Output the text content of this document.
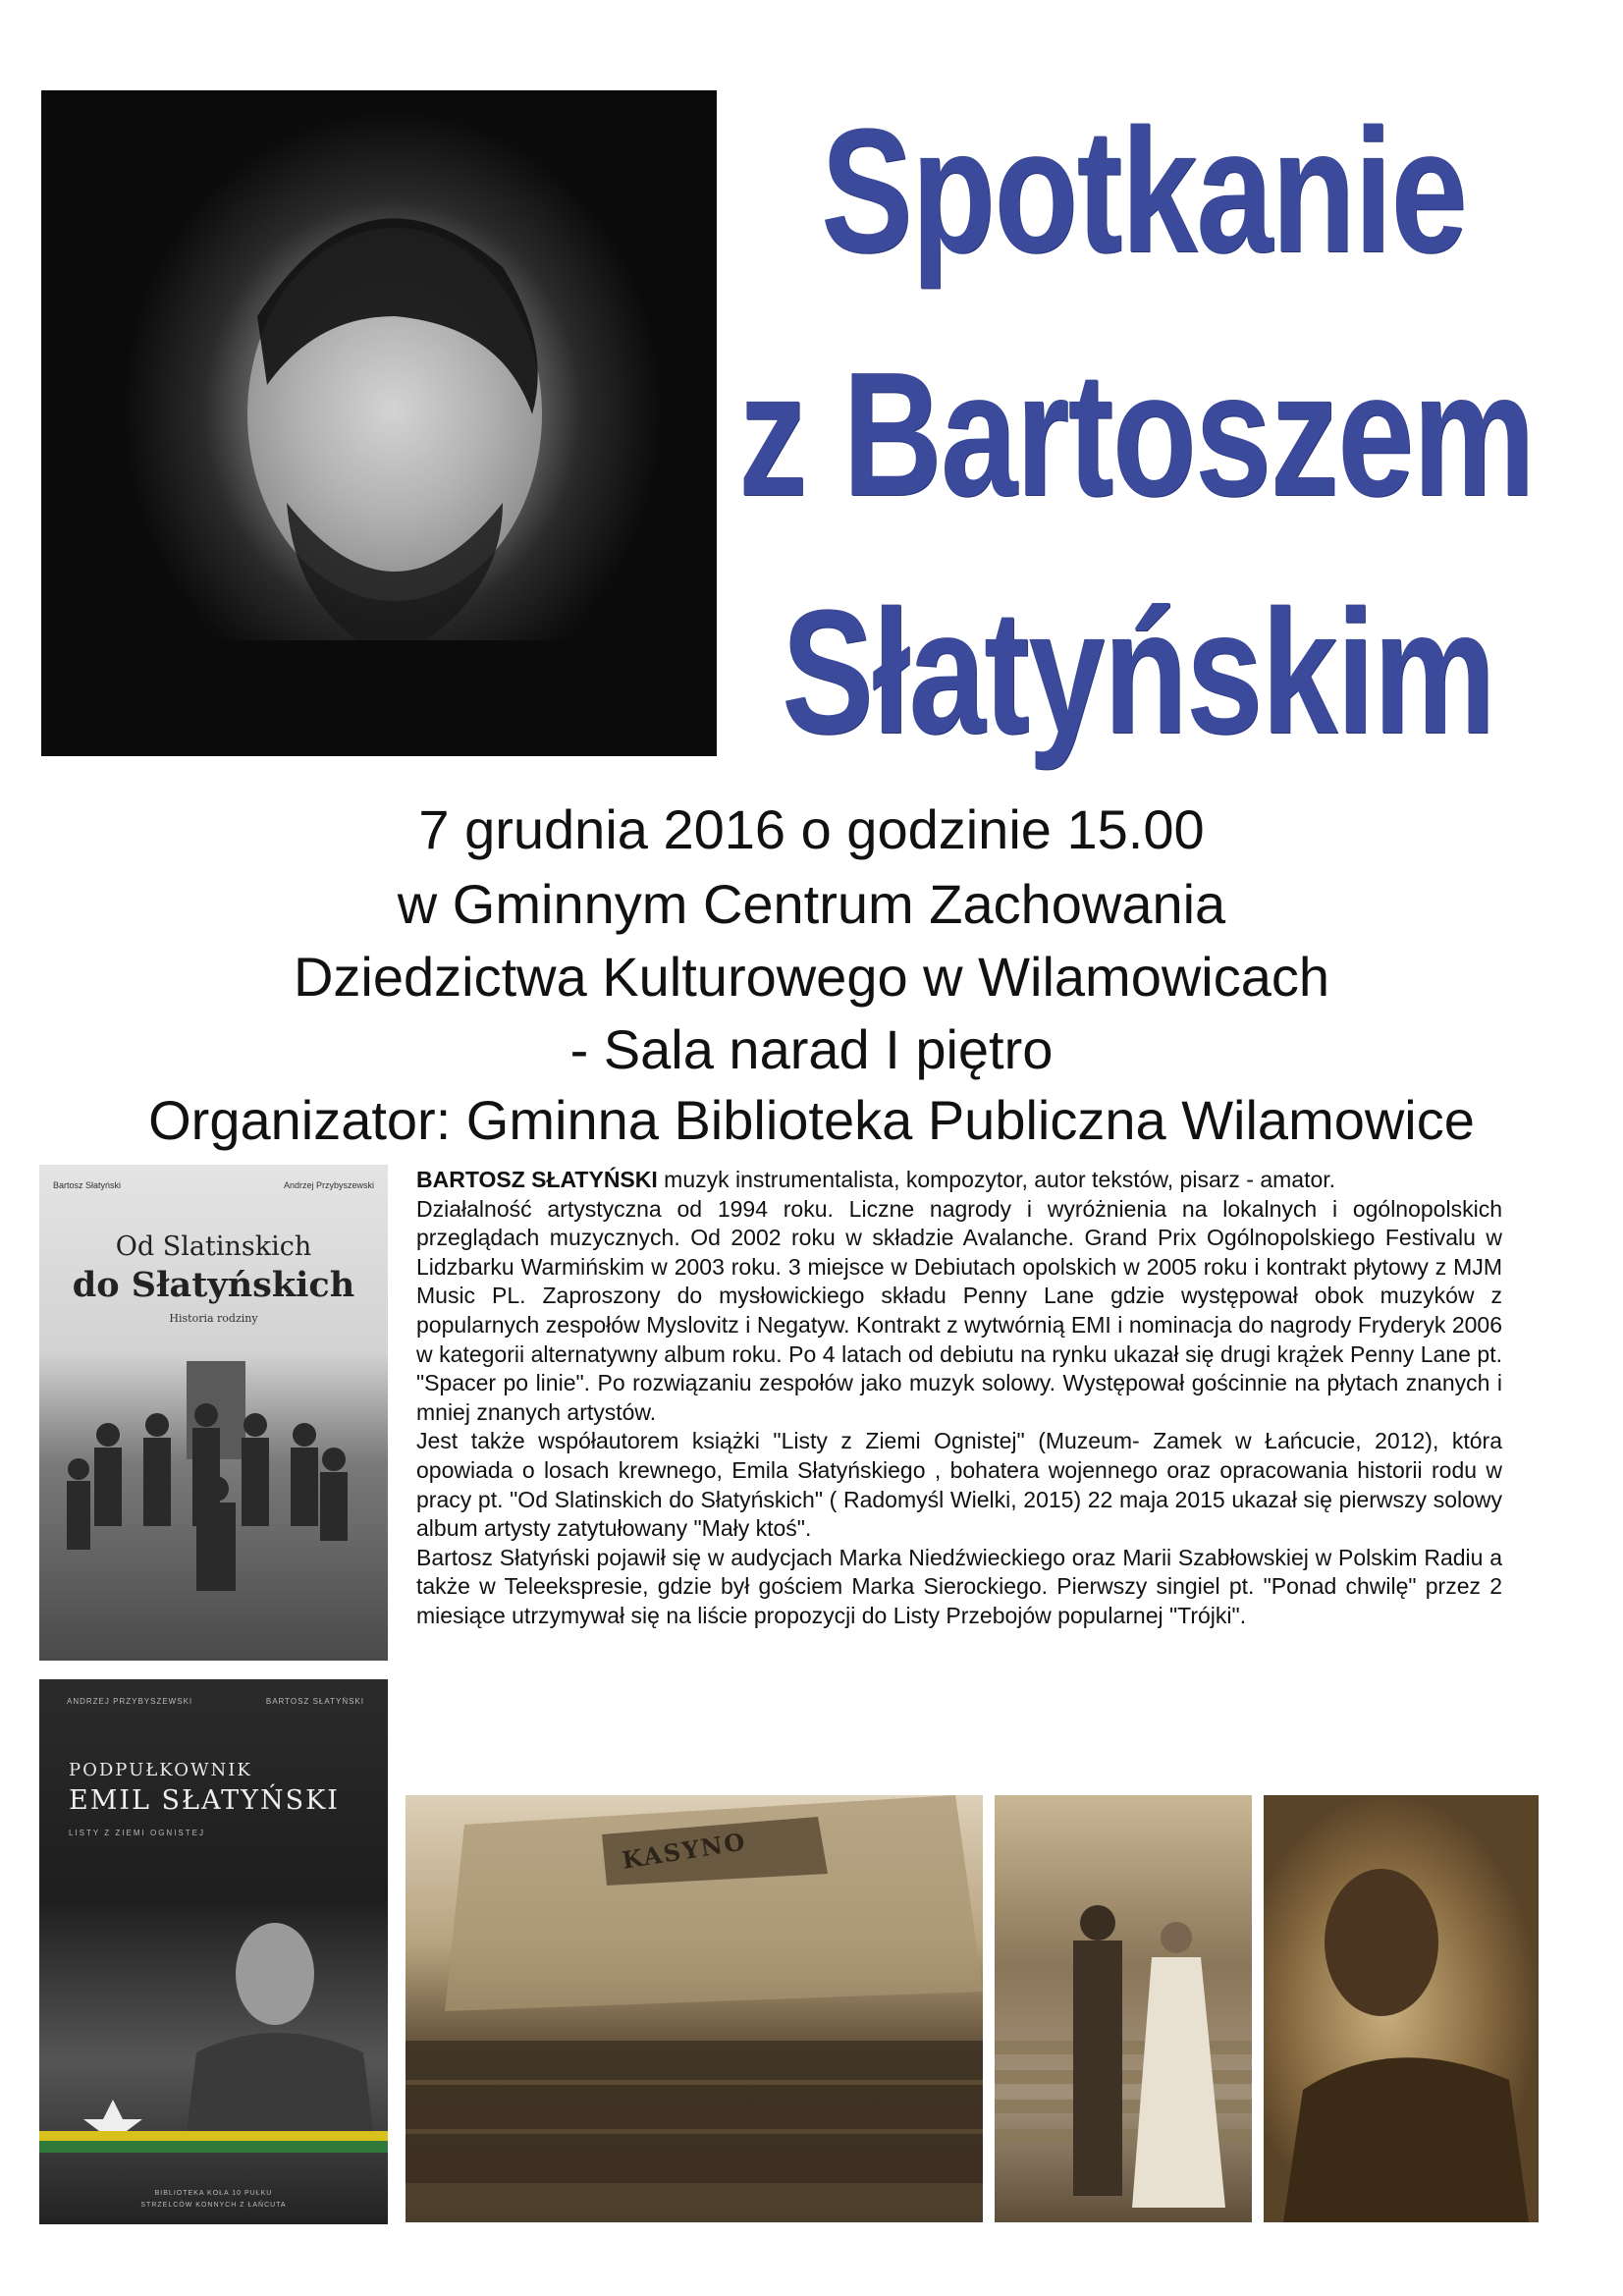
Spotkanie
z Bartoszem
Słatyńskim
7 grudnia 2016 o godzinie 15.00
w Gminnym Centrum Zachowania
Dziedzictwa Kulturowego w Wilamowicach
- Sala narad I piętro
Organizator: Gminna Biblioteka Publiczna Wilamowice
Bartosz Słatyński	Andrzej Przybyszewski
Od Slatinskich
do Słatyńskich
Historia rodziny
ANDRZEJ PRZYBYSZEWSKI	BARTOSZ SŁATYŃSKI
PODPUŁKOWNIK
EMIL SŁATYŃSKI
LISTY Z ZIEMI OGNISTEJ
BIBLIOTEKA KOŁA 10 PUŁKU
STRZELCÓW KONNYCH Z ŁAŃCUTA

BARTOSZ SŁATYŃSKI muzyk instrumentalista, kompozytor, autor tekstów, pisarz - amator.

Działalność artystyczna od 1994 roku. Liczne nagrody i wyróżnienia na lokalnych i ogólnopolskich przeglądach muzycznych. Od 2002 roku w składzie Avalanche. Grand Prix Ogólnopolskiego Festivalu w Lidzbarku Warmińskim w 2003 roku. 3 miejsce w Debiutach opolskich w 2005 roku i kontrakt płytowy z MJM Music PL. Zaproszony do mysłowickiego składu Penny Lane gdzie występował obok muzyków z popularnych zespołów Myslovitz i Negatyw. Kontrakt z wytwórnią EMI i nominacja do nagrody Fryderyk 2006 w kategorii alternatywny album roku. Po 4 latach od debiutu na rynku ukazał się drugi krążek Penny Lane pt. "Spacer po linie". Po rozwiązaniu zespołów jako muzyk solowy. Występował gościnnie na płytach znanych i mniej znanych artystów.

Jest także współautorem książki "Listy z Ziemi Ognistej" (Muzeum- Zamek w Łańcucie, 2012), która opowiada o losach krewnego, Emila Słatyńskiego , bohatera wojennego oraz opracowania historii rodu w pracy pt. "Od Slatinskich do Słatyńskich" ( Radomyśl Wielki, 2015) 22 maja 2015 ukazał się pierwszy solowy album artysty zatytułowany "Mały ktoś".

Bartosz Słatyński pojawił się w audycjach Marka Niedźwieckiego oraz Marii Szabłowskiej w Polskim Radiu a także w Teleekspresie, gdzie był gościem Marka Sierockiego. Pierwszy singiel pt. "Ponad chwilę" przez 2 miesiące utrzymywał się na liście propozycji do Listy Przebojów popularnej "Trójki".

KASYNO
